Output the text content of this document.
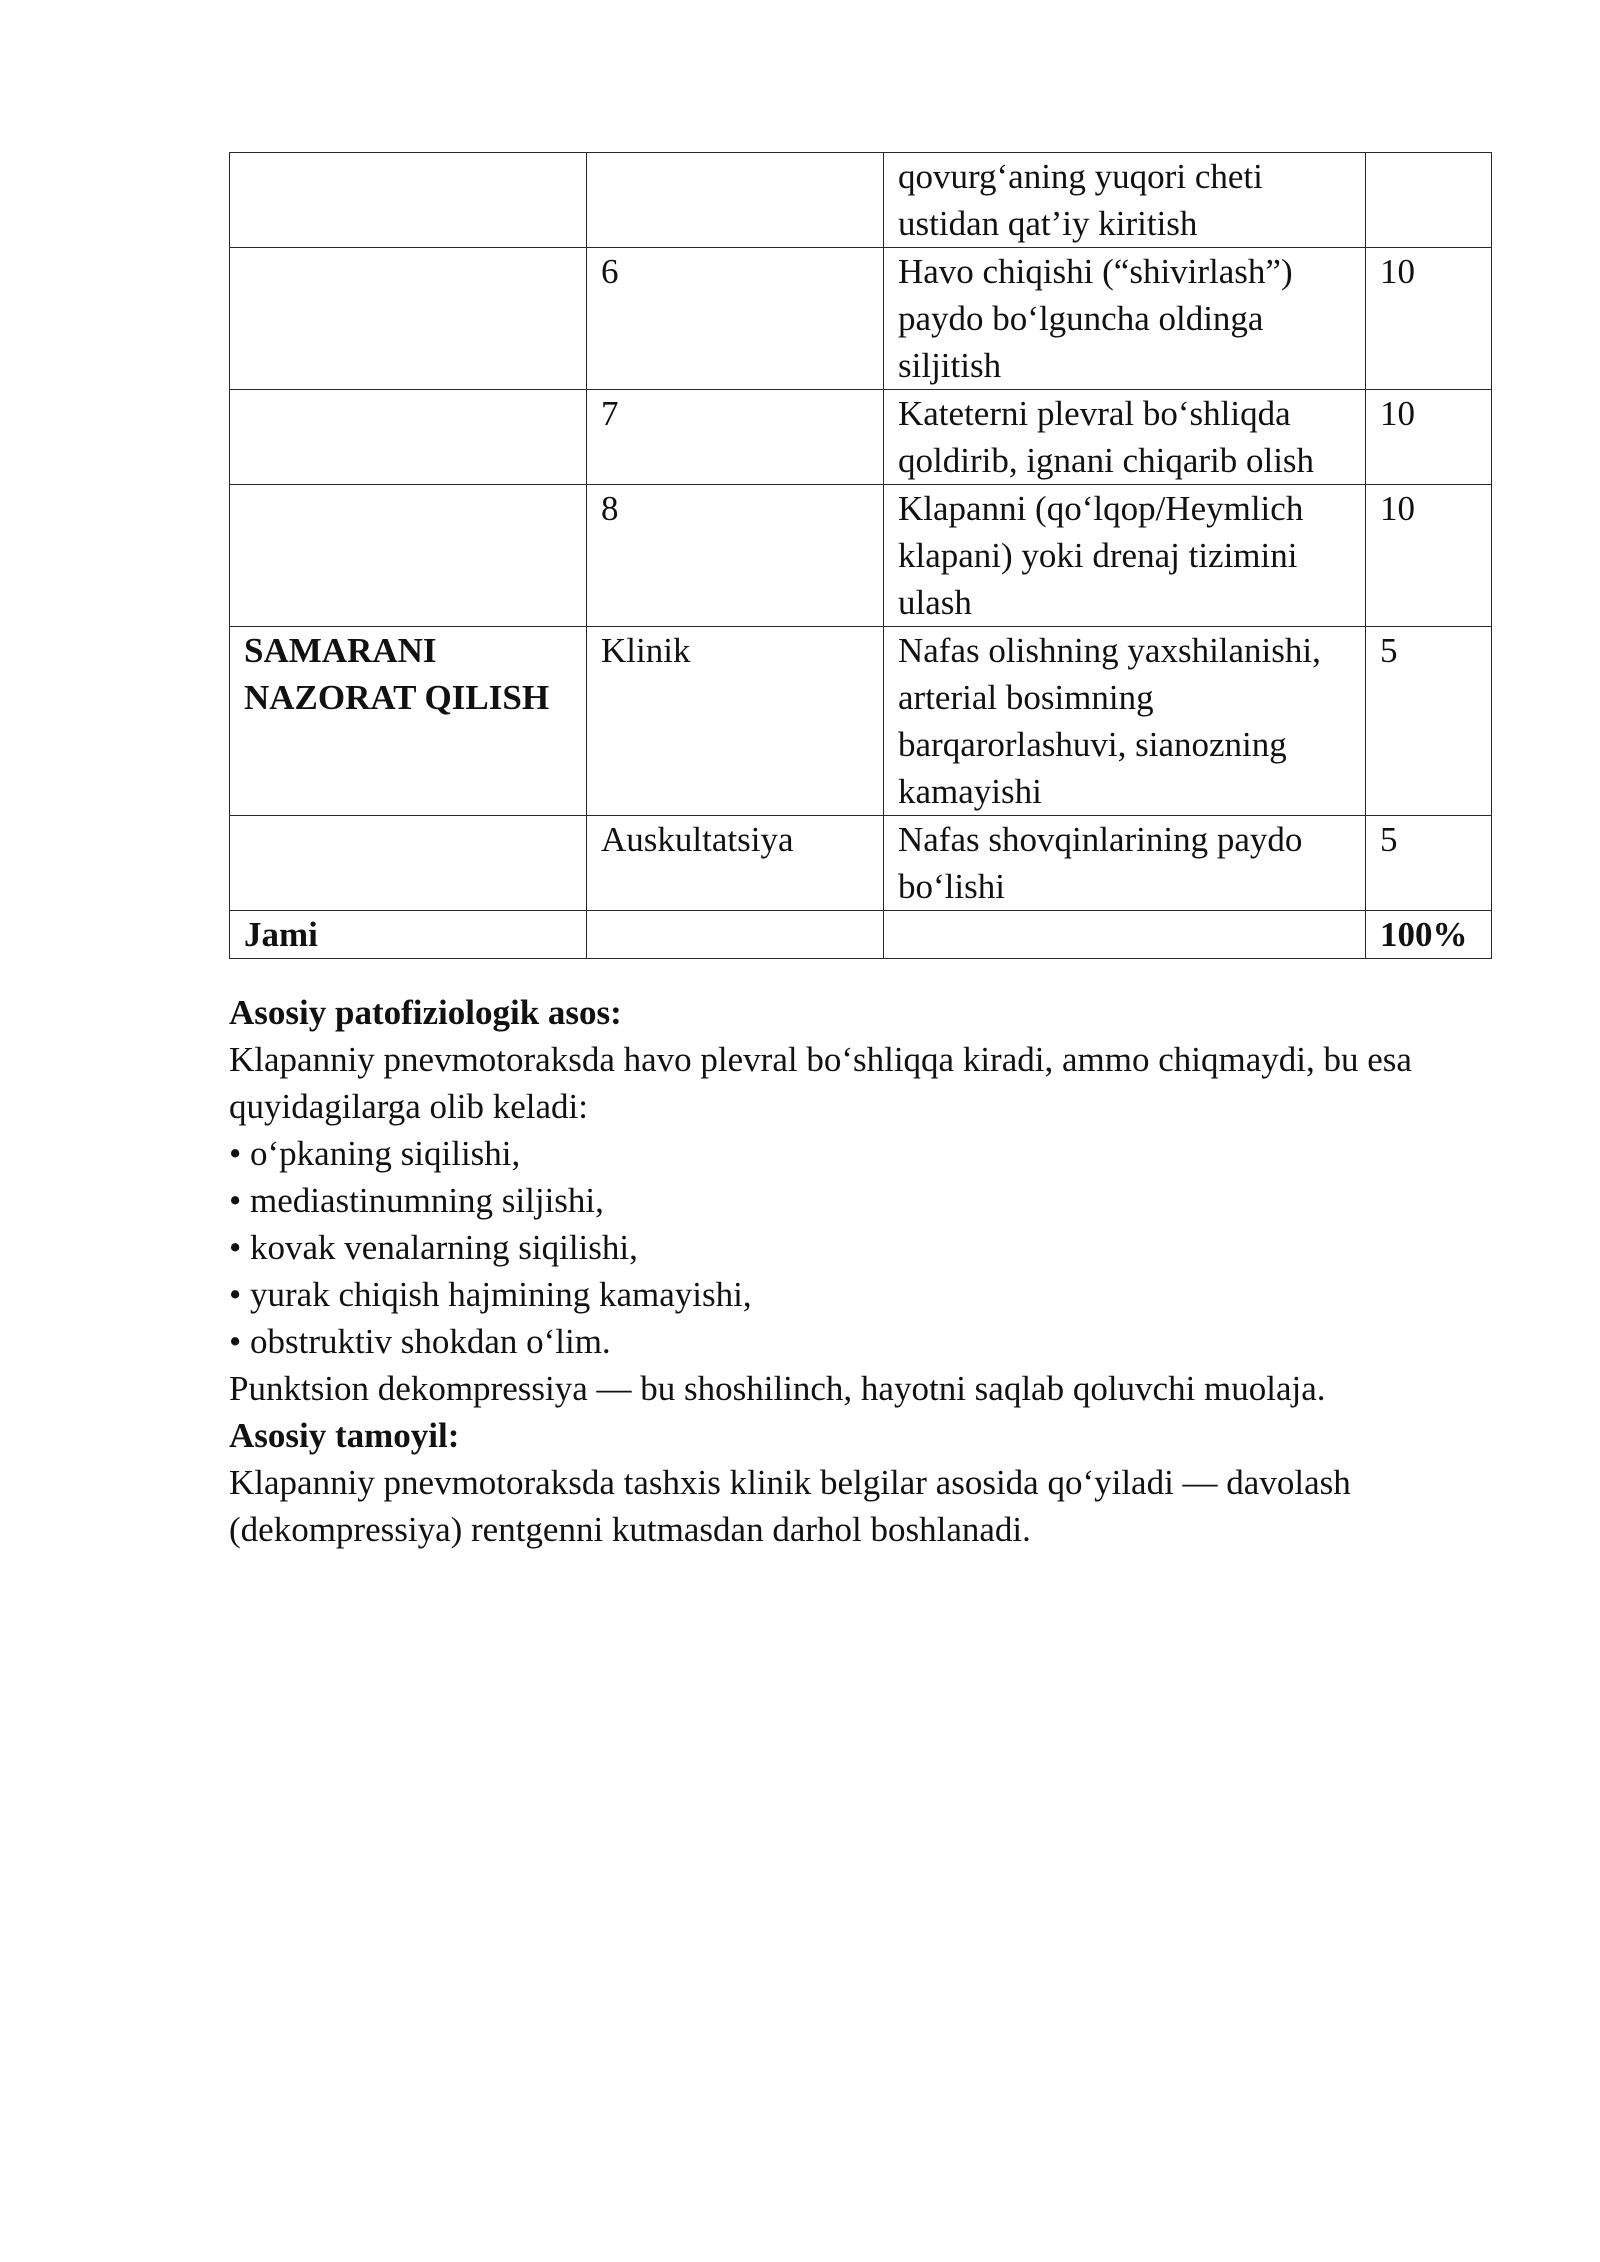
		qovurg‘aning yuqori cheti ustidan qat’iy kiritish	
	6	Havo chiqishi (“shivirlash”) paydo bo‘lguncha oldinga siljitish	10
	7	Kateterni plevral bo‘shliqda qoldirib, ignani chiqarib olish	10
	8	Klapanni (qo‘lqop/Heymlich klapani) yoki drenaj tizimini ulash	10
SAMARANI NAZORAT QILISH	Klinik	Nafas olishning yaxshilanishi, arterial bosimning barqarorlashuvi, sianozning kamayishi	5
	Auskultatsiya	Nafas shovqinlarining paydo bo‘lishi	5
Jami			100%

Asosiy patofiziologik asos:

Klapanniy pnevmotoraksda havo plevral bo‘shliqqa kiradi, ammo chiqmaydi, bu esa quyidagilarga olib keladi:

• o‘pkaning siqilishi,

• mediastinumning siljishi,

• kovak venalarning siqilishi,

• yurak chiqish hajmining kamayishi,

• obstruktiv shokdan o‘lim.

Punktsion dekompressiya — bu shoshilinch, hayotni saqlab qoluvchi muolaja.

Asosiy tamoyil:

Klapanniy pnevmotoraksda tashxis klinik belgilar asosida qo‘yiladi — davolash (dekompressiya) rentgenni kutmasdan darhol boshlanadi.
